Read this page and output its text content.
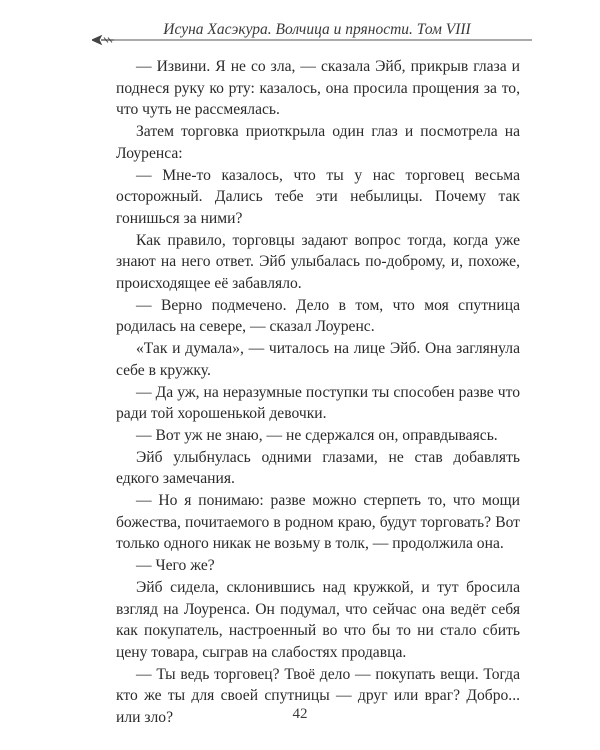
Исуна Хасэкура. Волчица и пряности. Том VIII

— Извини. Я не со зла, — сказала Эйб, прикрыв глаза и поднеся руку ко рту: казалось, она просила прощения за то, что чуть не рассмеялась.

Затем торговка приоткрыла один глаз и посмотрела на Лоуренса:

— Мне-то казалось, что ты у нас торговец весьма осторожный. Дались тебе эти небылицы. Почему так гонишься за ними?

Как правило, торговцы задают вопрос тогда, когда уже знают на него ответ. Эйб улыбалась по-доброму, и, похоже, происходящее её забавляло.

— Верно подмечено. Дело в том, что моя спутница родилась на севере, — сказал Лоуренс.

«Так и думала», — читалось на лице Эйб. Она заглянула себе в кружку.

— Да уж, на неразумные поступки ты способен разве что ради той хорошенькой девочки.

— Вот уж не знаю, — не сдержался он, оправдываясь.

Эйб улыбнулась одними глазами, не став добавлять едкого замечания.

— Но я понимаю: разве можно стерпеть то, что мощи божества, почитаемого в родном краю, будут торговать? Вот только одного никак не возьму в толк, — продолжила она.

— Чего же?

Эйб сидела, склонившись над кружкой, и тут бросила взгляд на Лоуренса. Он подумал, что сейчас она ведёт себя как покупатель, настроенный во что бы то ни стало сбить цену товара, сыграв на слабостях продавца.

— Ты ведь торговец? Твоё дело — покупать вещи. Тогда кто же ты для своей спутницы — друг или враг? Добро... или зло?	42
